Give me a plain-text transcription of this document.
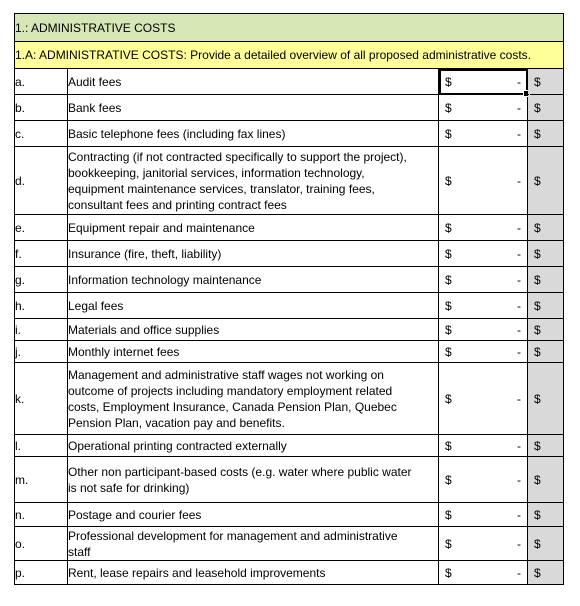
1.: ADMINISTRATIVE COSTS			
1.A: ADMINISTRATIVE COSTS: Provide a detailed overview of all proposed administrative costs.			
a.	Audit fees	$ -	$

b.	Bank fees	$ -	$

c.	Basic telephone fees (including fax lines)	$ -	$

d.	Contracting (if not contracted specifically to support the project),
bookkeeping, janitorial services, information technology,
equipment maintenance services, translator, training fees,
consultant fees and printing contract fees	$ -	$

e.	Equipment repair and maintenance	$ -	$

f.	Insurance (fire, theft, liability)	$ -	$

g.	Information technology maintenance	$ -	$

h.	Legal fees	$ -	$

i.	Materials and office supplies	$ -	$

j.	Monthly internet fees	$ -	$

k.	Management and administrative staff wages not working on
outcome of projects including mandatory employment related
costs, Employment Insurance, Canada Pension Plan, Quebec
Pension Plan, vacation pay and benefits.	$ -	$

l.	Operational printing contracted externally	$ -	$

m.	Other non participant-based costs (e.g. water where public water
is not safe for drinking)	$ -	$

n.	Postage and courier fees	$ -	$

o.	Professional development for management and administrative
staff	$ -	$

p.	Rent, lease repairs and leasehold improvements	$ -	$
